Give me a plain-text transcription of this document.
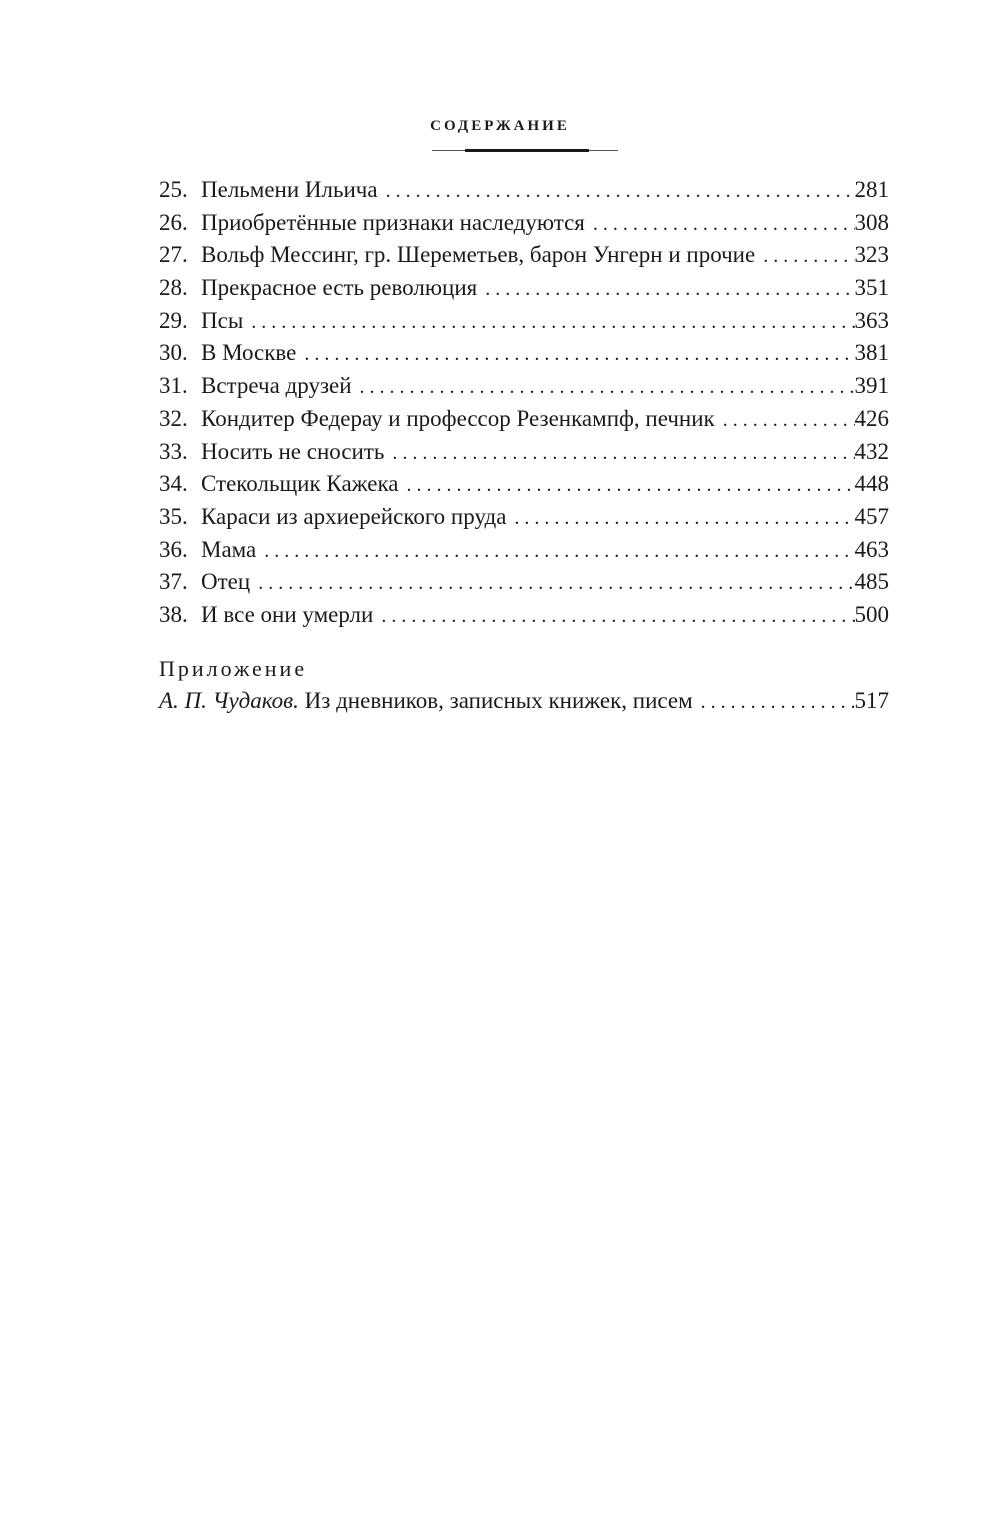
СОДЕРЖАНИЕ
25. Пельмени Ильича . . .	281
26. Приобретённые признаки наследуются . . .	308
27. Вольф Мессинг, гр. Шереметьев, барон Унгерн и прочие . . .	323
28. Прекрасное есть революция . . .	351
29. Псы . . .	363
30. В Москве . . .	381
31. Встреча друзей . . .	391
32. Кондитер Федерау и профессор Резенкампф, печник . . .	426
33. Носить не сносить . . .	432
34. Стекольщик Кажека . . .	448
35. Караси из архиерейского пруда . . .	457
36. Мама . . .	463
37. Отец . . .	485
38. И все они умерли . . .	500
Приложение
А. П. Чудаков. Из дневников, записных книжек, писем . . .	517
